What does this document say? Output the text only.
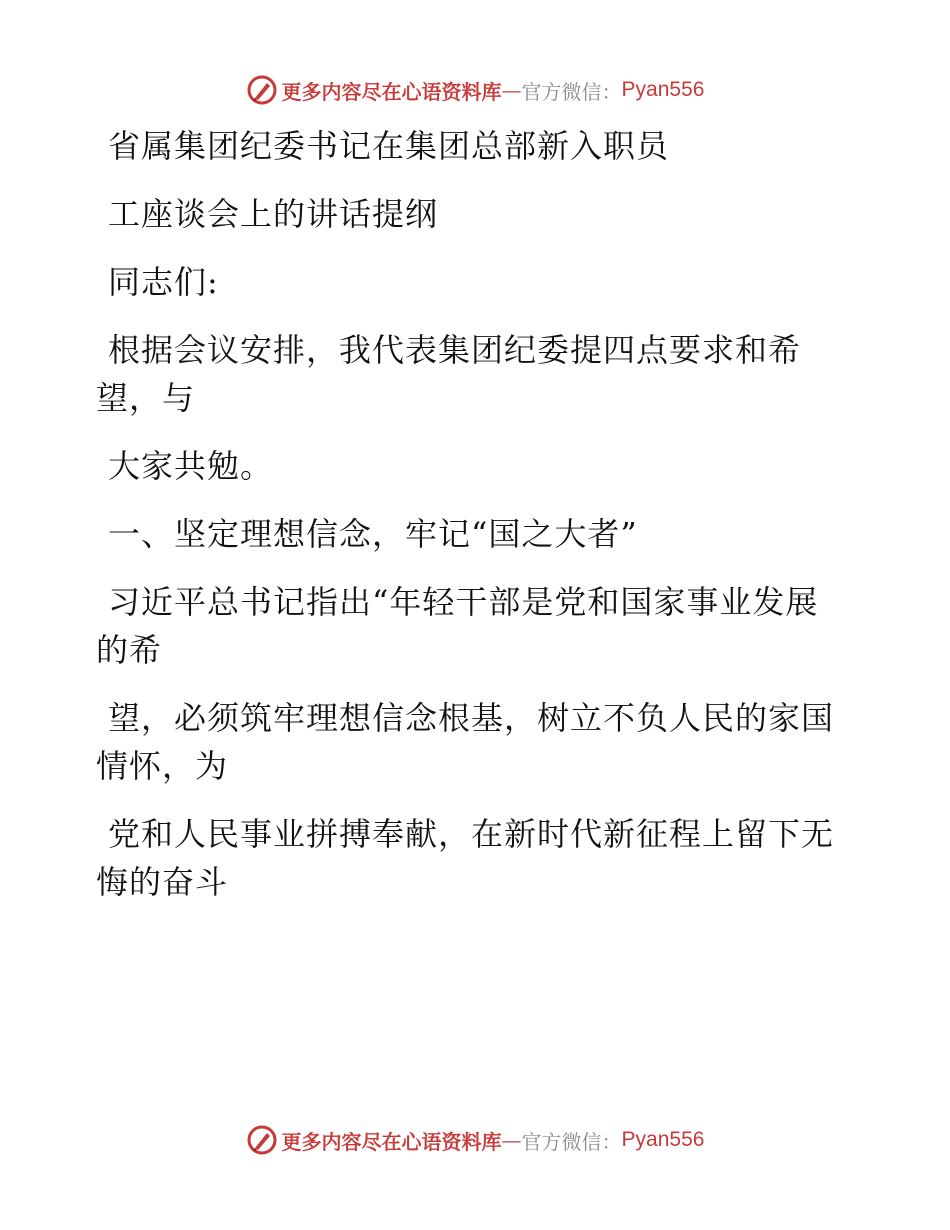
更多内容尽在心语资料库 — 官方微信： Pyan556

省属集团纪委书记在集团总部新入职员

工座谈会上的讲话提纲

同志们:

根据会议安排，我代表集团纪委提四点要求和希望，与

大家共勉。

一、坚定理想信念，牢记“国之大者”

习近平总书记指出“年轻干部是党和国家事业发展的希

望，必须筑牢理想信念根基，树立不负人民的家国情怀，为

党和人民事业拼搏奉献，在新时代新征程上留下无悔的奋斗

更多内容尽在心语资料库 — 官方微信： Pyan556
